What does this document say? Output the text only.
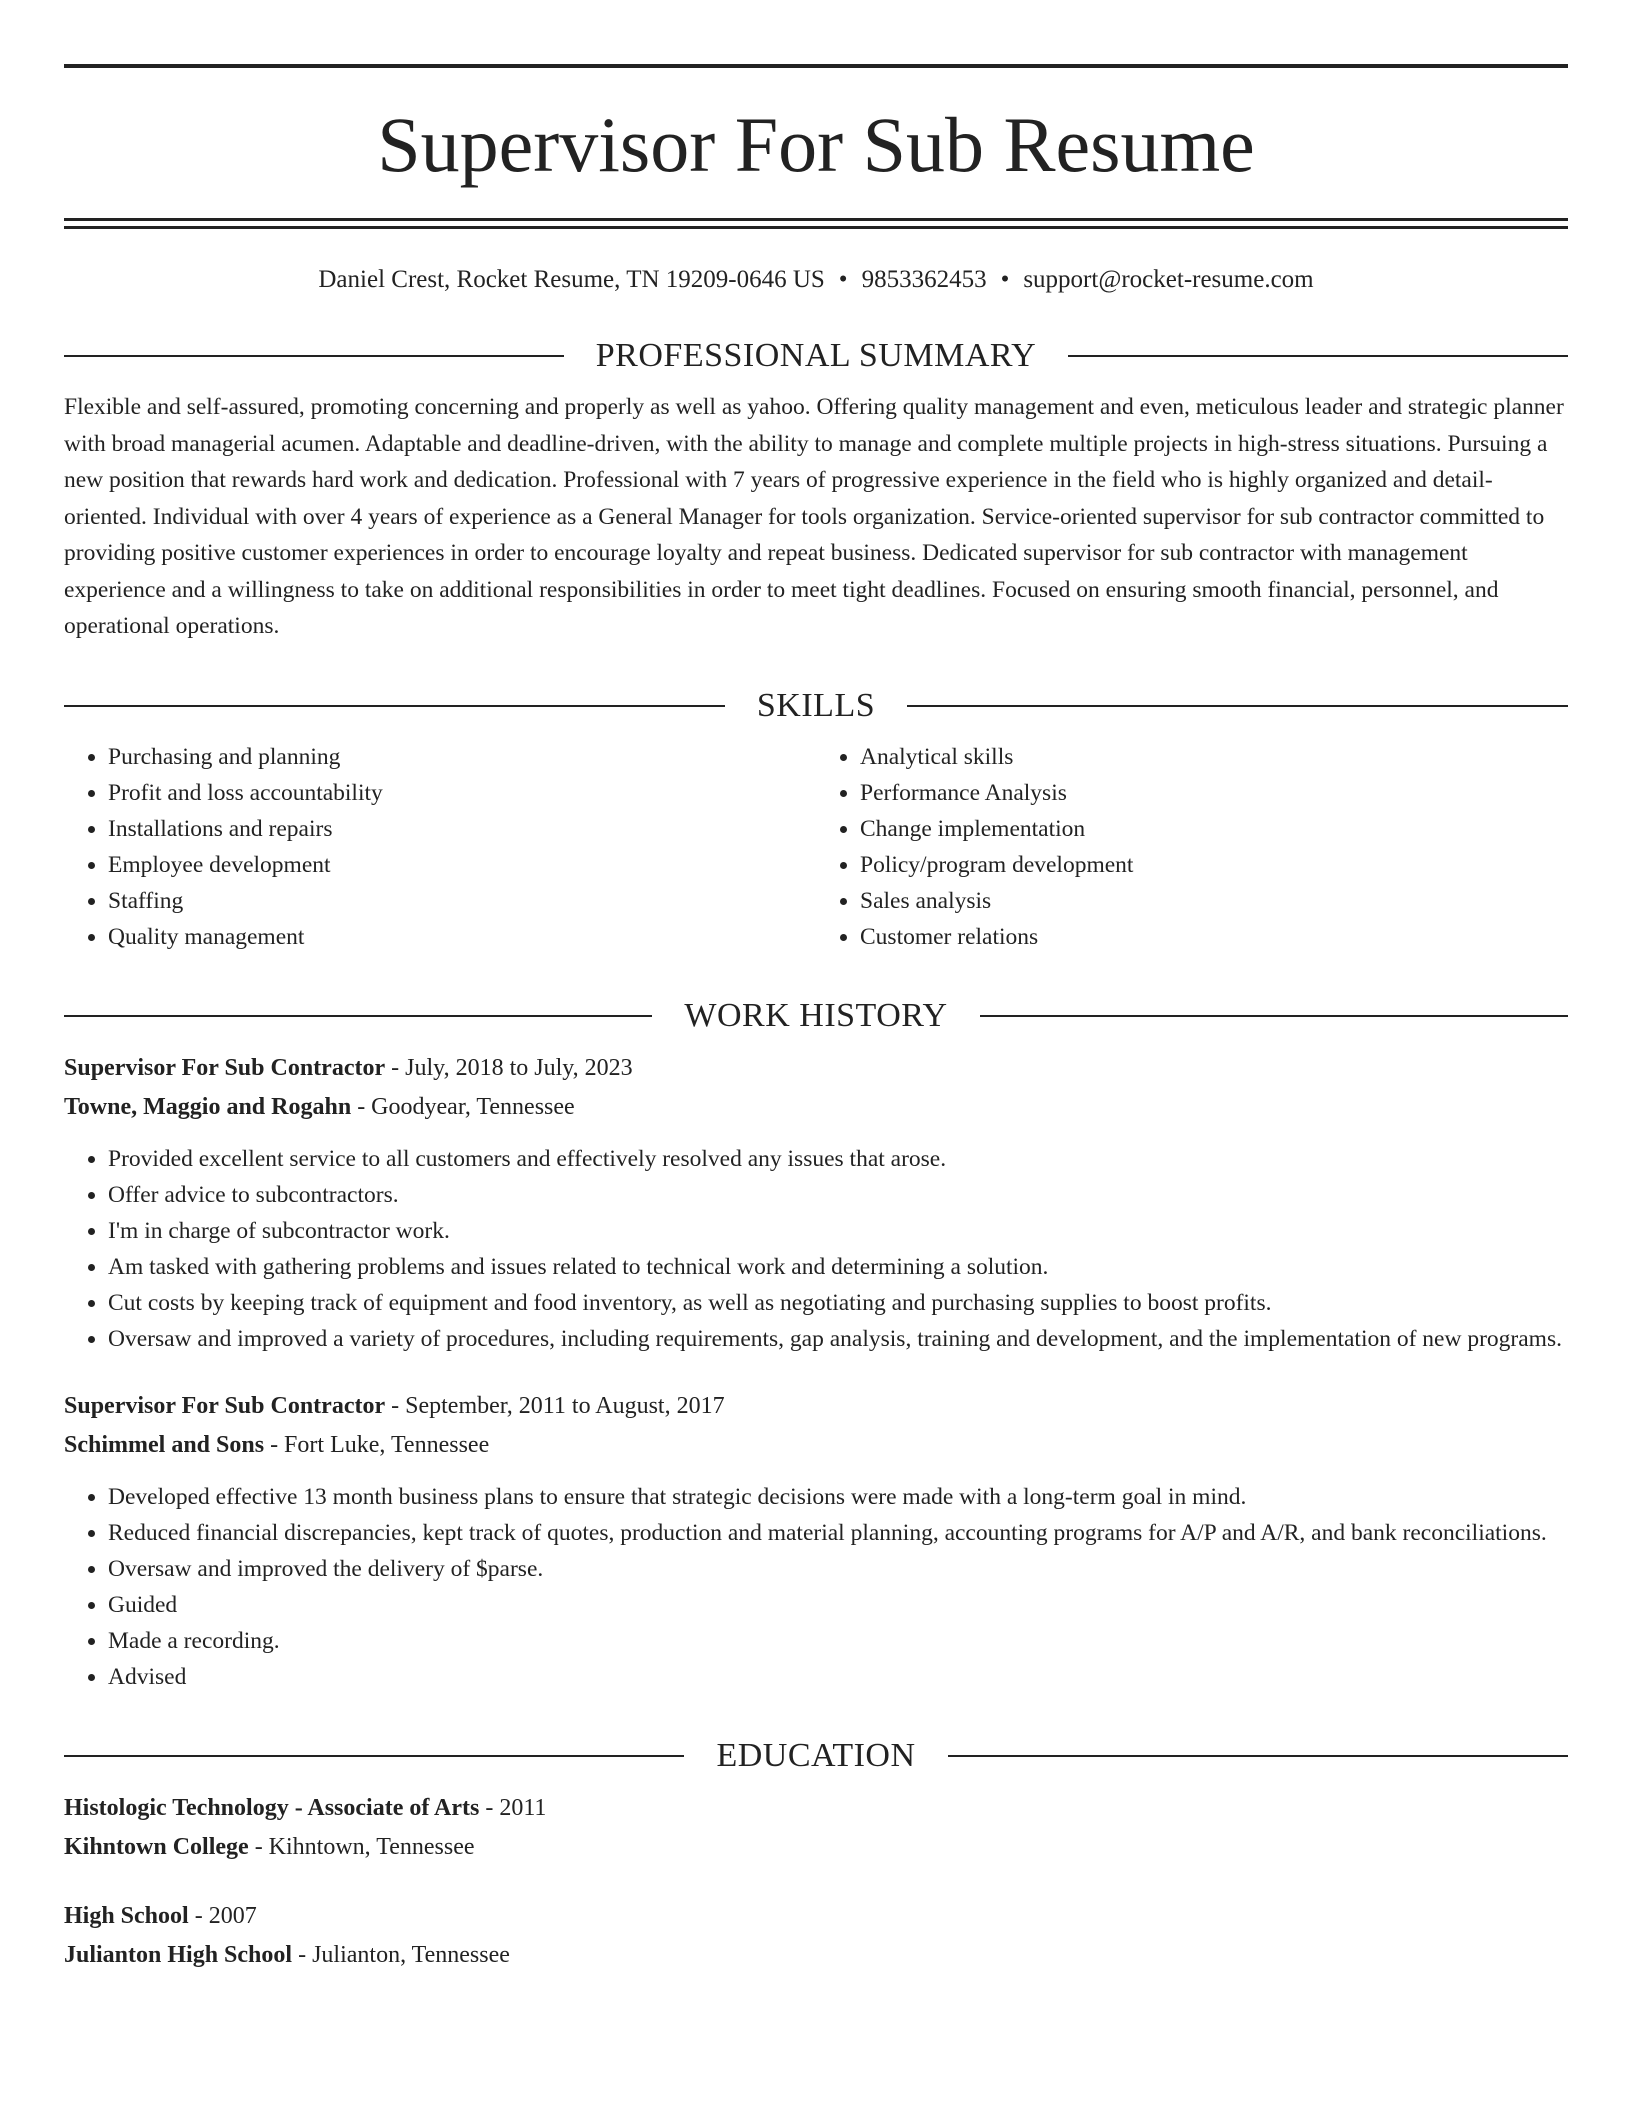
Supervisor For Sub Resume
Daniel Crest, Rocket Resume, TN 19209-0646 US • 9853362453 • support@rocket-resume.com
PROFESSIONAL SUMMARY

Flexible and self-assured, promoting concerning and properly as well as yahoo. Offering quality management and even, meticulous leader and strategic planner with broad managerial acumen. Adaptable and deadline-driven, with the ability to manage and complete multiple projects in high-stress situations. Pursuing a new position that rewards hard work and dedication. Professional with 7 years of progressive experience in the field who is highly organized and detail-oriented. Individual with over 4 years of experience as a General Manager for tools organization. Service-oriented supervisor for sub contractor committed to providing positive customer experiences in order to encourage loyalty and repeat business. Dedicated supervisor for sub contractor with management experience and a willingness to take on additional responsibilities in order to meet tight deadlines. Focused on ensuring smooth financial, personnel, and operational operations.

SKILLS
• Purchasing and planning
• Profit and loss accountability
• Installations and repairs
• Employee development
• Staffing
• Quality management
• Analytical skills
• Performance Analysis
• Change implementation
• Policy/program development
• Sales analysis
• Customer relations
WORK HISTORY
Supervisor For Sub Contractor - July, 2018 to July, 2023
Towne, Maggio and Rogahn - Goodyear, Tennessee
• Provided excellent service to all customers and effectively resolved any issues that arose.
• Offer advice to subcontractors.
• I'm in charge of subcontractor work.
• Am tasked with gathering problems and issues related to technical work and determining a solution.
• Cut costs by keeping track of equipment and food inventory, as well as negotiating and purchasing supplies to boost profits.
• Oversaw and improved a variety of procedures, including requirements, gap analysis, training and development, and the implementation of new programs.
Supervisor For Sub Contractor - September, 2011 to August, 2017
Schimmel and Sons - Fort Luke, Tennessee
• Developed effective 13 month business plans to ensure that strategic decisions were made with a long-term goal in mind.
• Reduced financial discrepancies, kept track of quotes, production and material planning, accounting programs for A/P and A/R, and bank reconciliations.
• Oversaw and improved the delivery of $parse.
• Guided
• Made a recording.
• Advised
EDUCATION
Histologic Technology - Associate of Arts - 2011
Kihntown College - Kihntown, Tennessee
High School - 2007
Julianton High School - Julianton, Tennessee
